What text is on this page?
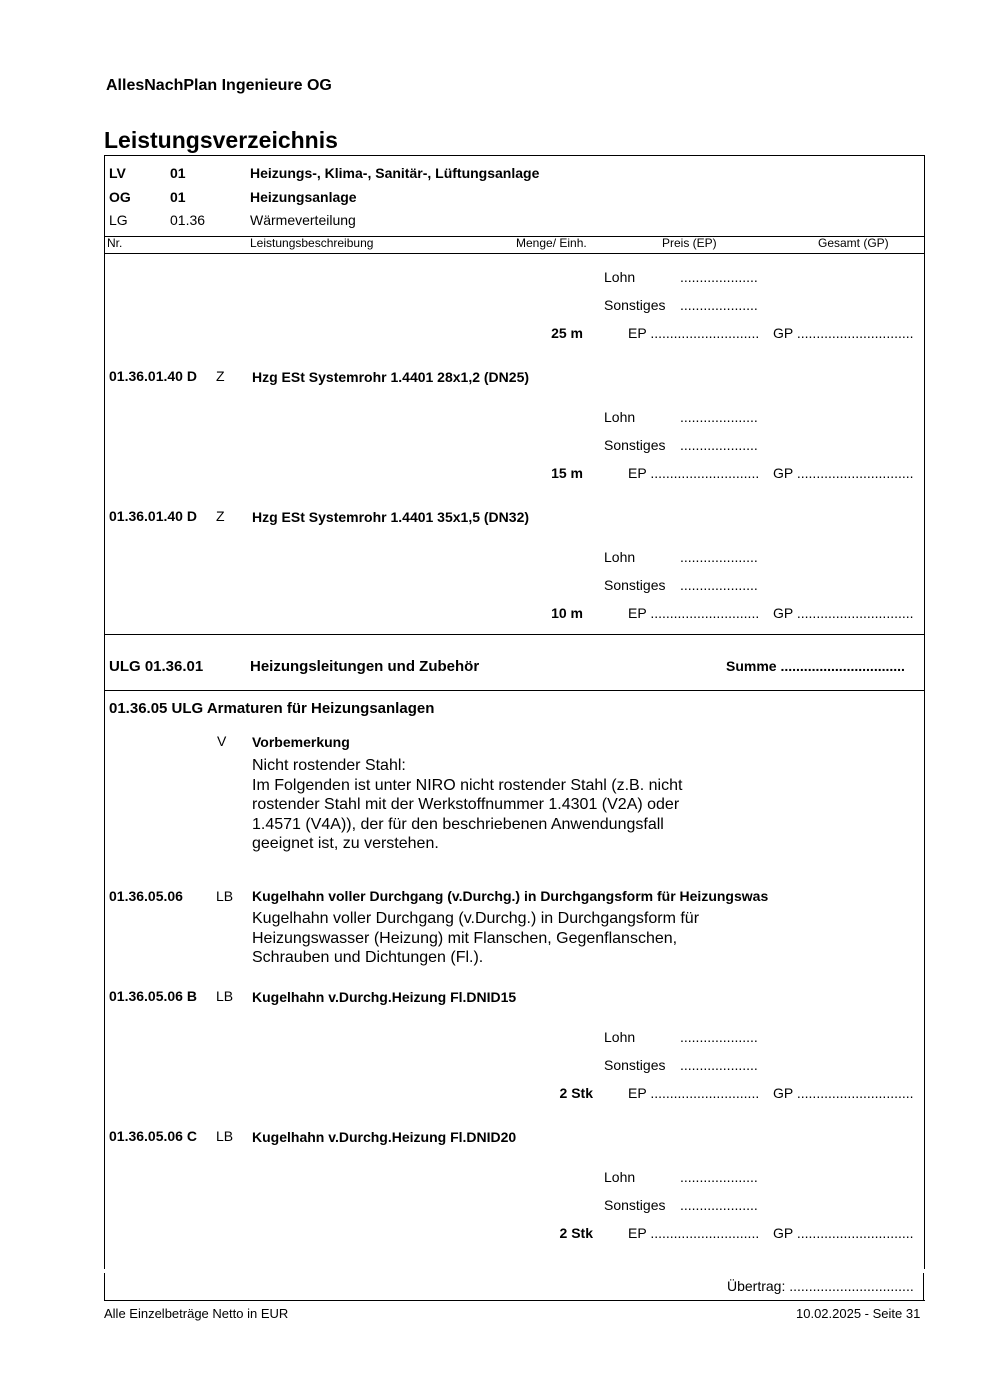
AllesNachPlan Ingenieure OG
Leistungsverzeichnis
LV	01	Heizungs-, Klima-, Sanitär-, Lüftungsanlage
OG	01	Heizungsanlage
LG	01.36	Wärmeverteilung
Nr.	Leistungsbeschreibung	Menge/ Einh.	Preis (EP)	Gesamt (GP)
Lohn	....................
Sonstiges ....................
25 m	EP ............................ GP ..............................
01.36.01.40 D Z Hzg ESt Systemrohr 1.4401 28x1,2 (DN25)
Lohn	....................
Sonstiges ....................
15 m	EP ............................ GP ..............................
01.36.01.40 D Z Hzg ESt Systemrohr 1.4401 35x1,5 (DN32)
Lohn	....................
Sonstiges ....................
10 m	EP ............................ GP ..............................
ULG 01.36.01	Heizungsleitungen und Zubehör	Summe ................................
01.36.05 ULG Armaturen für Heizungsanlagen
V Vorbemerkung
Nicht rostender Stahl:
Im Folgenden ist unter NIRO nicht rostender Stahl (z.B. nicht
rostender Stahl mit der Werkstoffnummer 1.4301 (V2A) oder
1.4571 (V4A)), der für den beschriebenen Anwendungsfall
geeignet ist, zu verstehen.
01.36.05.06 LB Kugelhahn voller Durchgang (v.Durchg.) in Durchgangsform für Heizungswas
Kugelhahn voller Durchgang (v.Durchg.) in Durchgangsform für
Heizungswasser (Heizung) mit Flanschen, Gegenflanschen,
Schrauben und Dichtungen (Fl.).
01.36.05.06 B LB Kugelhahn v.Durchg.Heizung Fl.DNID15
Lohn	....................
Sonstiges ....................
2 Stk	EP ............................ GP ..............................
01.36.05.06 C LB Kugelhahn v.Durchg.Heizung Fl.DNID20
Lohn	....................
Sonstiges ....................
2 Stk	EP ............................ GP ..............................
Übertrag: ................................
Alle Einzelbeträge Netto in EUR	10.02.2025 - Seite 31
